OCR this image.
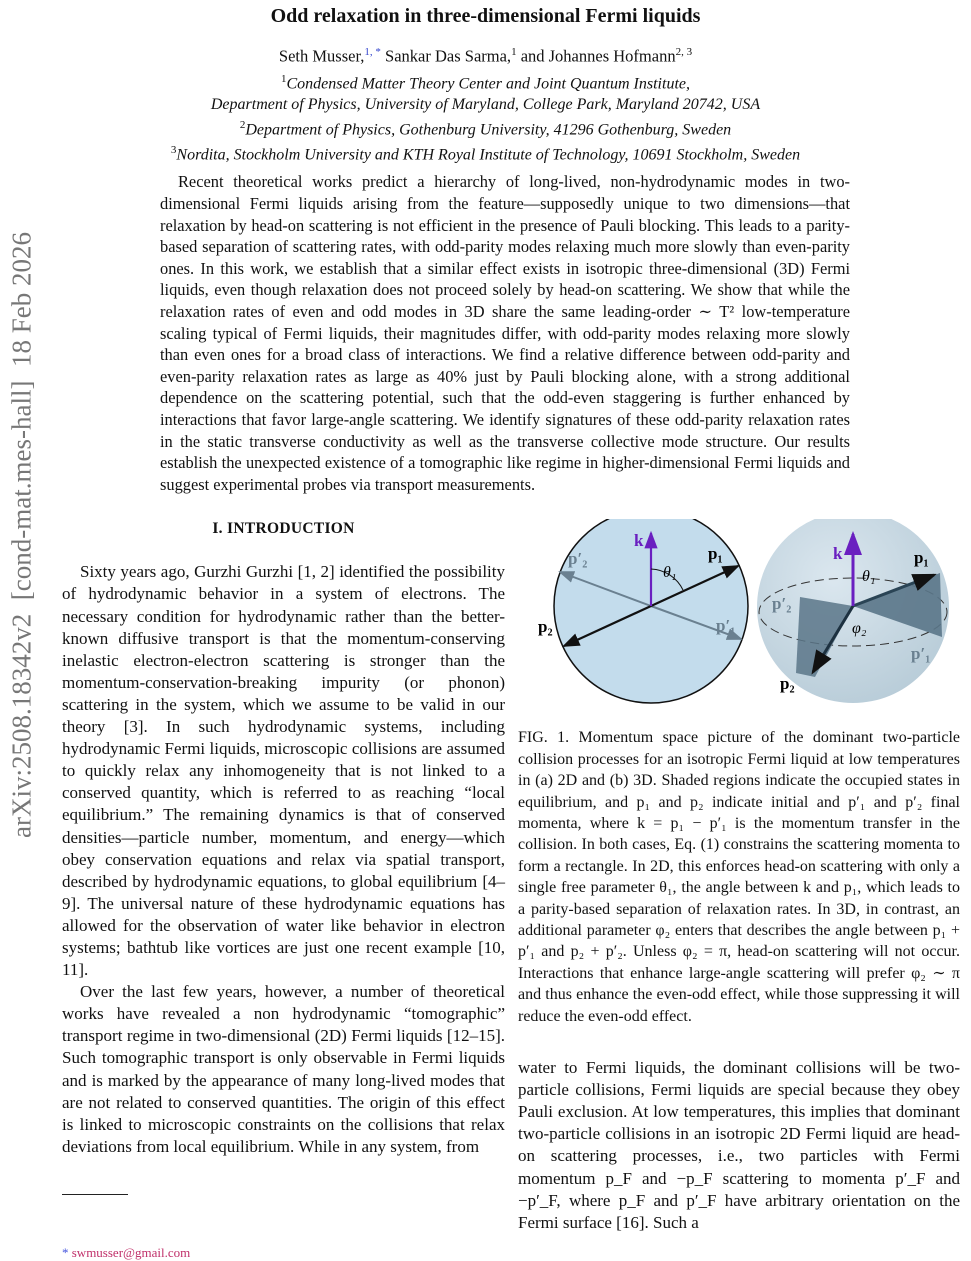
arXiv:2508.18342v2  [cond-mat.mes-hall]  18 Feb 2026
Odd relaxation in three-dimensional Fermi liquids
Seth Musser,$^{1, *}$ Sankar Das Sarma,$^1$ and Johannes Hofmann$^{2, 3}$
$^1$Condensed Matter Theory Center and Joint Quantum Institute,
Department of Physics, University of Maryland, College Park, Maryland 20742, USA
$^2$Department of Physics, Gothenburg University, 41296 Gothenburg, Sweden
$^3$Nordita, Stockholm University and KTH Royal Institute of Technology, 10691 Stockholm, Sweden
Recent theoretical works predict a hierarchy of long-lived, non-hydrodynamic modes in two-dimensional Fermi liquids arising from the feature—supposedly unique to two dimensions—that relaxation by head-on scattering is not efficient in the presence of Pauli blocking. This leads to a parity-based separation of scattering rates, with odd-parity modes relaxing much more slowly than even-parity ones. In this work, we establish that a similar effect exists in isotropic three-dimensional (3D) Fermi liquids, even though relaxation does not proceed solely by head-on scattering. We show that while the relaxation rates of even and odd modes in 3D share the same leading-order ∼ T² low-temperature scaling typical of Fermi liquids, their magnitudes differ, with odd-parity modes relaxing more slowly than even ones for a broad class of interactions. We find a relative difference between odd-parity and even-parity relaxation rates as large as 40% just by Pauli blocking alone, with a strong additional dependence on the scattering potential, such that the odd-even staggering is further enhanced by interactions that favor large-angle scattering. We identify signatures of these odd-parity relaxation rates in the static transverse conductivity as well as the transverse collective mode structure. Our results establish the unexpected existence of a tomographic like regime in higher-dimensional Fermi liquids and suggest experimental probes via transport measurements.
I. INTRODUCTION

Sixty years ago, Gurzhi Gurzhi [1, 2] identified the possibility of hydrodynamic behavior in a system of electrons. The necessary condition for hydrodynamic rather than the better-known diffusive transport is that the momentum-conserving inelastic electron-electron scattering is stronger than the momentum-conservation-breaking impurity (or phonon) scattering in the system, which we assume to be valid in our theory [3]. In such hydrodynamic systems, including hydrodynamic Fermi liquids, microscopic collisions are assumed to quickly relax any inhomogeneity that is not linked to a conserved quantity, which is referred to as reaching “local equilibrium.” The remaining dynamics is that of conserved densities—particle number, momentum, and energy—which obey conservation equations and relax via spatial transport, described by hydrodynamic equations, to global equilibrium [4–9]. The universal nature of these hydrodynamic equations has allowed for the observation of water like behavior in electron systems; bathtub like vortices are just one recent example [10, 11].

Over the last few years, however, a number of theoretical works have revealed a non hydrodynamic “tomographic” transport regime in two-dimensional (2D) Fermi liquids [12–15]. Such tomographic transport is only observable in Fermi liquids and is marked by the appearance of many long-lived modes that are not related to conserved quantities. The origin of this effect is linked to microscopic constraints on the collisions that relax deviations from local equilibrium. While in any system, from

* swmusser@gmail.com
k
θ₁
p₁
p₂	p′₁
p′₂	k
θ₁
p₁
p₂
p′₁
p′₂
φ₂
FIG. 1. Momentum space picture of the dominant two-particle collision processes for an isotropic Fermi liquid at low temperatures in (a) 2D and (b) 3D. Shaded regions indicate the occupied states in equilibrium, and p₁ and p₂ indicate initial and p′₁ and p′₂ final momenta, where k = p₁ − p′₁ is the momentum transfer in the collision. In both cases, Eq. (1) constrains the scattering momenta to form a rectangle. In 2D, this enforces head-on scattering with only a single free parameter θ₁, the angle between k and p₁, which leads to a parity-based separation of relaxation rates. In 3D, in contrast, an additional parameter φ₂ enters that describes the angle between p₁ + p′₁ and p₂ + p′₂. Unless φ₂ = π, head-on scattering will not occur. Interactions that enhance large-angle scattering will prefer φ₂ ∼ π and thus enhance the even-odd effect, while those suppressing it will reduce the even-odd effect.

water to Fermi liquids, the dominant collisions will be two-particle collisions, Fermi liquids are special because they obey Pauli exclusion. At low temperatures, this implies that dominant two-particle collisions in an isotropic 2D Fermi liquid are head-on scattering processes, i.e., two particles with Fermi momentum p_F and −p_F scattering to momenta p′_F and −p′_F, where p_F and p′_F have arbitrary orientation on the Fermi surface [16]. Such a
